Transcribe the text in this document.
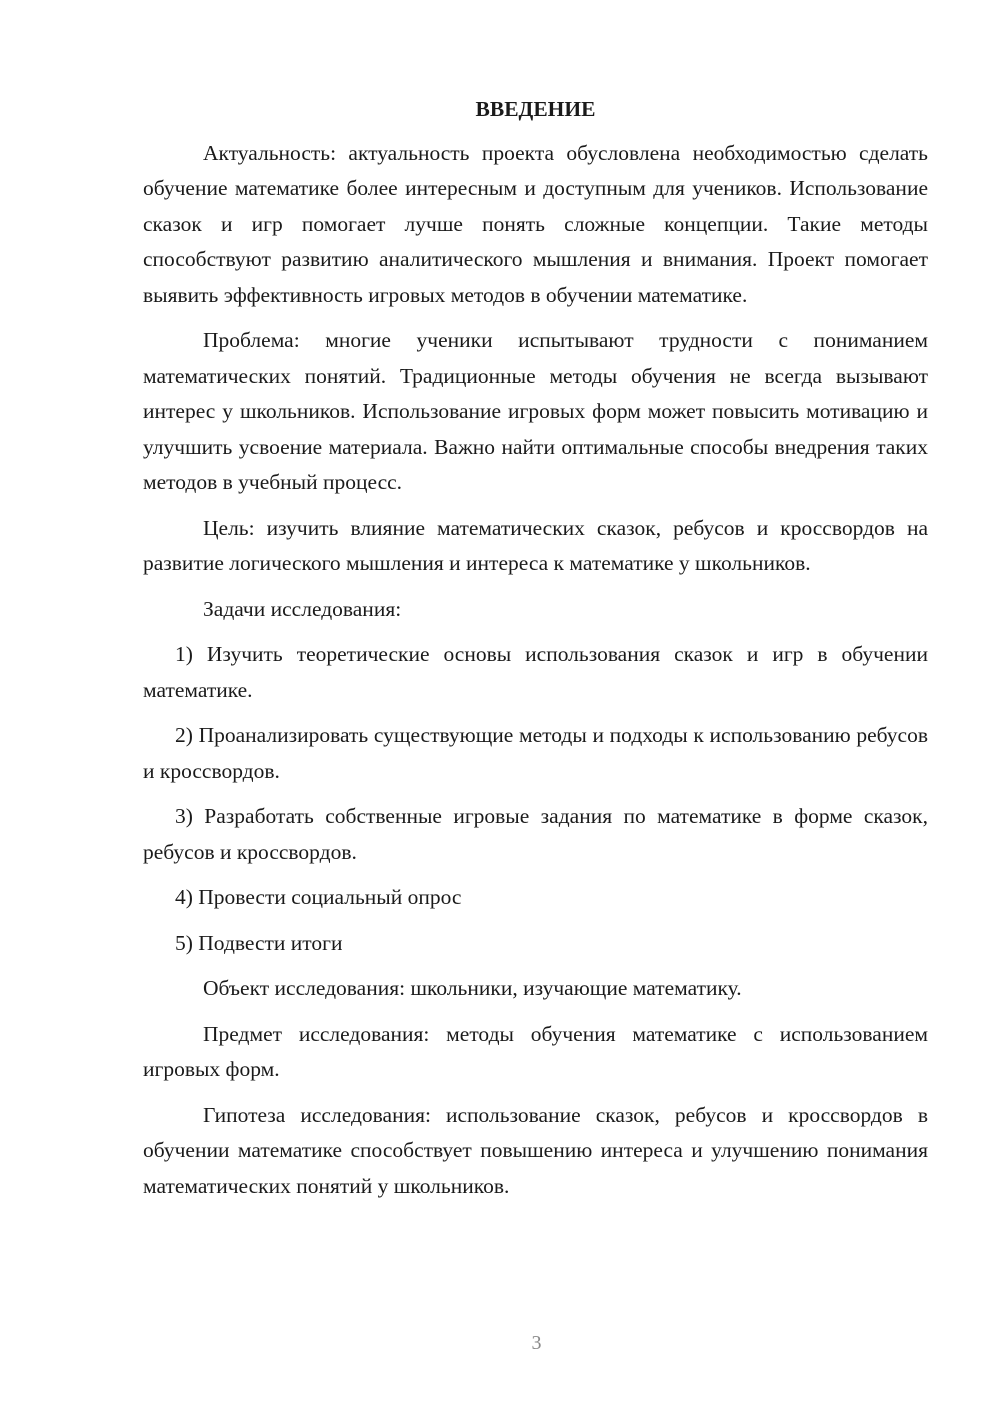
ВВЕДЕНИЕ

Актуальность: актуальность проекта обусловлена необходимостью сделать обучение математике более интересным и доступным для учеников. Использование сказок и игр помогает лучше понять сложные концепции. Такие методы способствуют развитию аналитического мышления и внимания. Проект помогает выявить эффективность игровых методов в обучении математике.

Проблема: многие ученики испытывают трудности с пониманием математических понятий. Традиционные методы обучения не всегда вызывают интерес у школьников. Использование игровых форм может повысить мотивацию и улучшить усвоение материала. Важно найти оптимальные способы внедрения таких методов в учебный процесс.

Цель: изучить влияние математических сказок, ребусов и кроссвордов на развитие логического мышления и интереса к математике у школьников.

Задачи исследования:

1) Изучить теоретические основы использования сказок и игр в обучении математике.

2) Проанализировать существующие методы и подходы к использованию ребусов и кроссвордов.

3) Разработать собственные игровые задания по математике в форме сказок, ребусов и кроссвордов.

4) Провести социальный опрос

5) Подвести итоги

Объект исследования: школьники, изучающие математику.

Предмет исследования: методы обучения математике с использованием игровых форм.

Гипотеза исследования: использование сказок, ребусов и кроссвордов в обучении математике способствует повышению интереса и улучшению понимания математических понятий у школьников.

3
